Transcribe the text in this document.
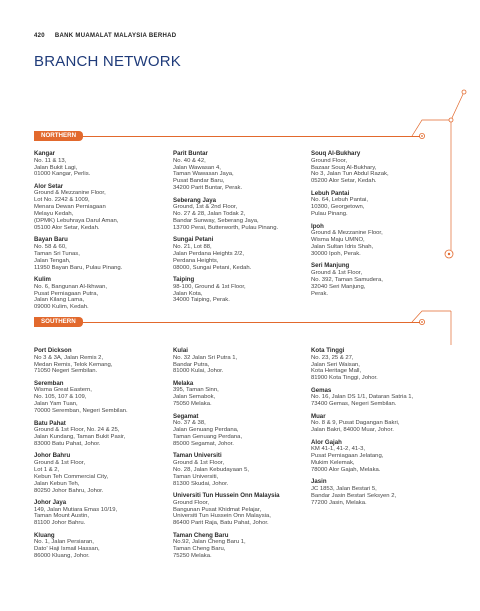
420 BANK MUAMALAT MALAYSIA BERHAD
BRANCH NETWORK
NORTHERN
Kangar
No. 11 & 13,
Jalan Bukit Lagi,
01000 Kangar, Perlis.
Alor Setar
Ground & Mezzanine Floor,
Lot No. 2242 & 1009,
Menara Dewan Perniagaan
Melayu Kedah,
(DPMK) Lebuhraya Darul Aman,
05100 Alor Setar, Kedah.
Bayan Baru
No. 58 & 60,
Taman Sri Tunas,
Jalan Tengah,
11950 Bayan Baru, Pulau Pinang.
Kulim
No. 6, Bangunan Al-Ikhwan,
Pusat Perniagaan Putra,
Jalan Kilang Lama,
09000 Kulim, Kedah.
Parit Buntar
No. 40 & 42,
Jalan Wawasan 4,
Taman Wawasan Jaya,
Pusat Bandar Baru,
34200 Parit Buntar, Perak.
Seberang Jaya
Ground, 1st & 2nd Floor,
No. 27 & 28, Jalan Todak 2,
Bandar Sunway, Seberang Jaya,
13700 Perai, Butterworth, Pulau Pinang.
Sungai Petani
No. 21, Lot 88,
Jalan Perdana Heights 2/2,
Perdana Heights,
08000, Sungai Petani, Kedah.
Taiping
98-100, Ground & 1st Floor,
Jalan Kota,
34000 Taiping, Perak.
Souq Al-Bukhary
Ground Floor,
Bazaar Souq Al-Bukhary,
No 3, Jalan Tun Abdul Razak,
05200 Alor Setar, Kedah.
Lebuh Pantai
No. 64, Lebuh Pantai,
10300, Georgetown,
Pulau Pinang.
Ipoh
Ground & Mezzanine Floor,
Wisma Maju UMNO,
Jalan Sultan Idris Shah,
30000 Ipoh, Perak.
Seri Manjung
Ground & 1st Floor,
No. 392, Taman Samudera,
32040 Seri Manjung,
Perak.
SOUTHERN
Port Dickson
No 3 & 3A, Jalan Remis 2,
Medan Remis, Telok Kemang,
71050 Negeri Sembilan.
Seremban
Wisma Great Eastern,
No. 105, 107 & 109,
Jalan Yam Tuan,
70000 Seremban, Negeri Sembilan.
Batu Pahat
Ground & 1st Floor, No. 24 & 25,
Jalan Kundang, Taman Bukit Pasir,
83000 Batu Pahat, Johor.
Johor Bahru
Ground & 1st Floor,
Lot 1 & 2,
Kebun Teh Commercial City,
Jalan Kebun Teh,
80250 Johor Bahru, Johor.
Johor Jaya
149, Jalan Mutiara Emas 10/19,
Taman Mount Austin,
81100 Johor Bahru.
Kluang
No. 1, Jalan Persiaran,
Dato' Haji Ismail Hassan,
86000 Kluang, Johor.
Kulai
No. 32 Jalan Sri Putra 1,
Bandar Putra,
81000 Kulai, Johor.
Melaka
395, Taman Sinn,
Jalan Semabok,
75050 Melaka.
Segamat
No. 37 & 38,
Jalan Genuang Perdana,
Taman Genuang Perdana,
85000 Segamat, Johor.
Taman Universiti
Ground & 1st Floor,
No. 28, Jalan Kebudayaan 5,
Taman Universiti,
81300 Skudai, Johor.
Universiti Tun Hussein Onn Malaysia
Ground Floor,
Bangunan Pusat Khidmat Pelajar,
Universiti Tun Hussein Onn Malaysia,
86400 Parit Raja, Batu Pahat, Johor.
Taman Cheng Baru
No.92, Jalan Cheng Baru 1,
Taman Cheng Baru,
75250 Melaka.
Kota Tinggi
No. 23, 25 & 27,
Jalan Seri Waisan,
Kota Heritage Mall,
81900 Kota Tinggi, Johor.
Gemas
No. 16, Jalan DS 1/1, Dataran Satria 1,
73400 Gemas, Negeri Sembilan.
Muar
No. 8 & 9, Pusat Dagangan Bakri,
Jalan Bakri, 84000 Muar, Johor.
Alor Gajah
KM 41-1, 41-2, 41-3,
Pusat Perniagaan Jelatang,
Mukim Kelemak,
78000 Alor Gajah, Melaka.
Jasin
JC 1853, Jalan Bestari 5,
Bandar Jasin Bestari Seksyen 2,
77200 Jasin, Melaka.
